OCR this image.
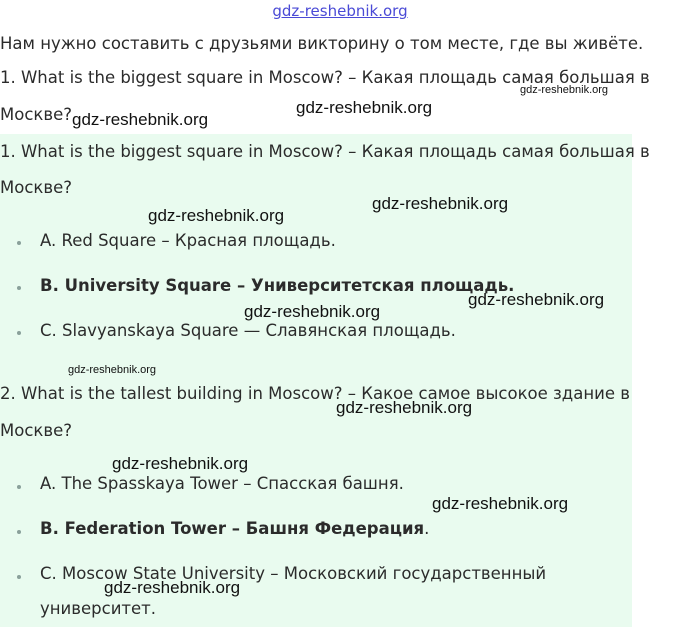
gdz-reshebnik.org

Нам нужно составить с друзьями викторину о том месте, где вы живёте.

1. What is the biggest square in Moscow? – Какая площадь самая большая в

Москве?

1. What is the biggest square in Moscow? – Какая площадь самая большая в
Москве?
A. Red Square – Красная площадь.
B. University Square – Университетская площадь.
C. Slavyanskaya Square — Славянская площадь.
2. What is the tallest building in Moscow? – Какое самое высокое здание в
Москве?
A. The Spasskaya Tower – Спасская башня.
B. Federation Tower – Башня Федерация.
C. Moscow State University – Московский государственный
университет.
gdz-reshebnik.org
gdz-reshebnik.org
gdz-reshebnik.org
gdz-reshebnik.org
gdz-reshebnik.org
gdz-reshebnik.org
gdz-reshebnik.org
gdz-reshebnik.org
gdz-reshebnik.org
gdz-reshebnik.org
gdz-reshebnik.org
gdz-reshebnik.org
